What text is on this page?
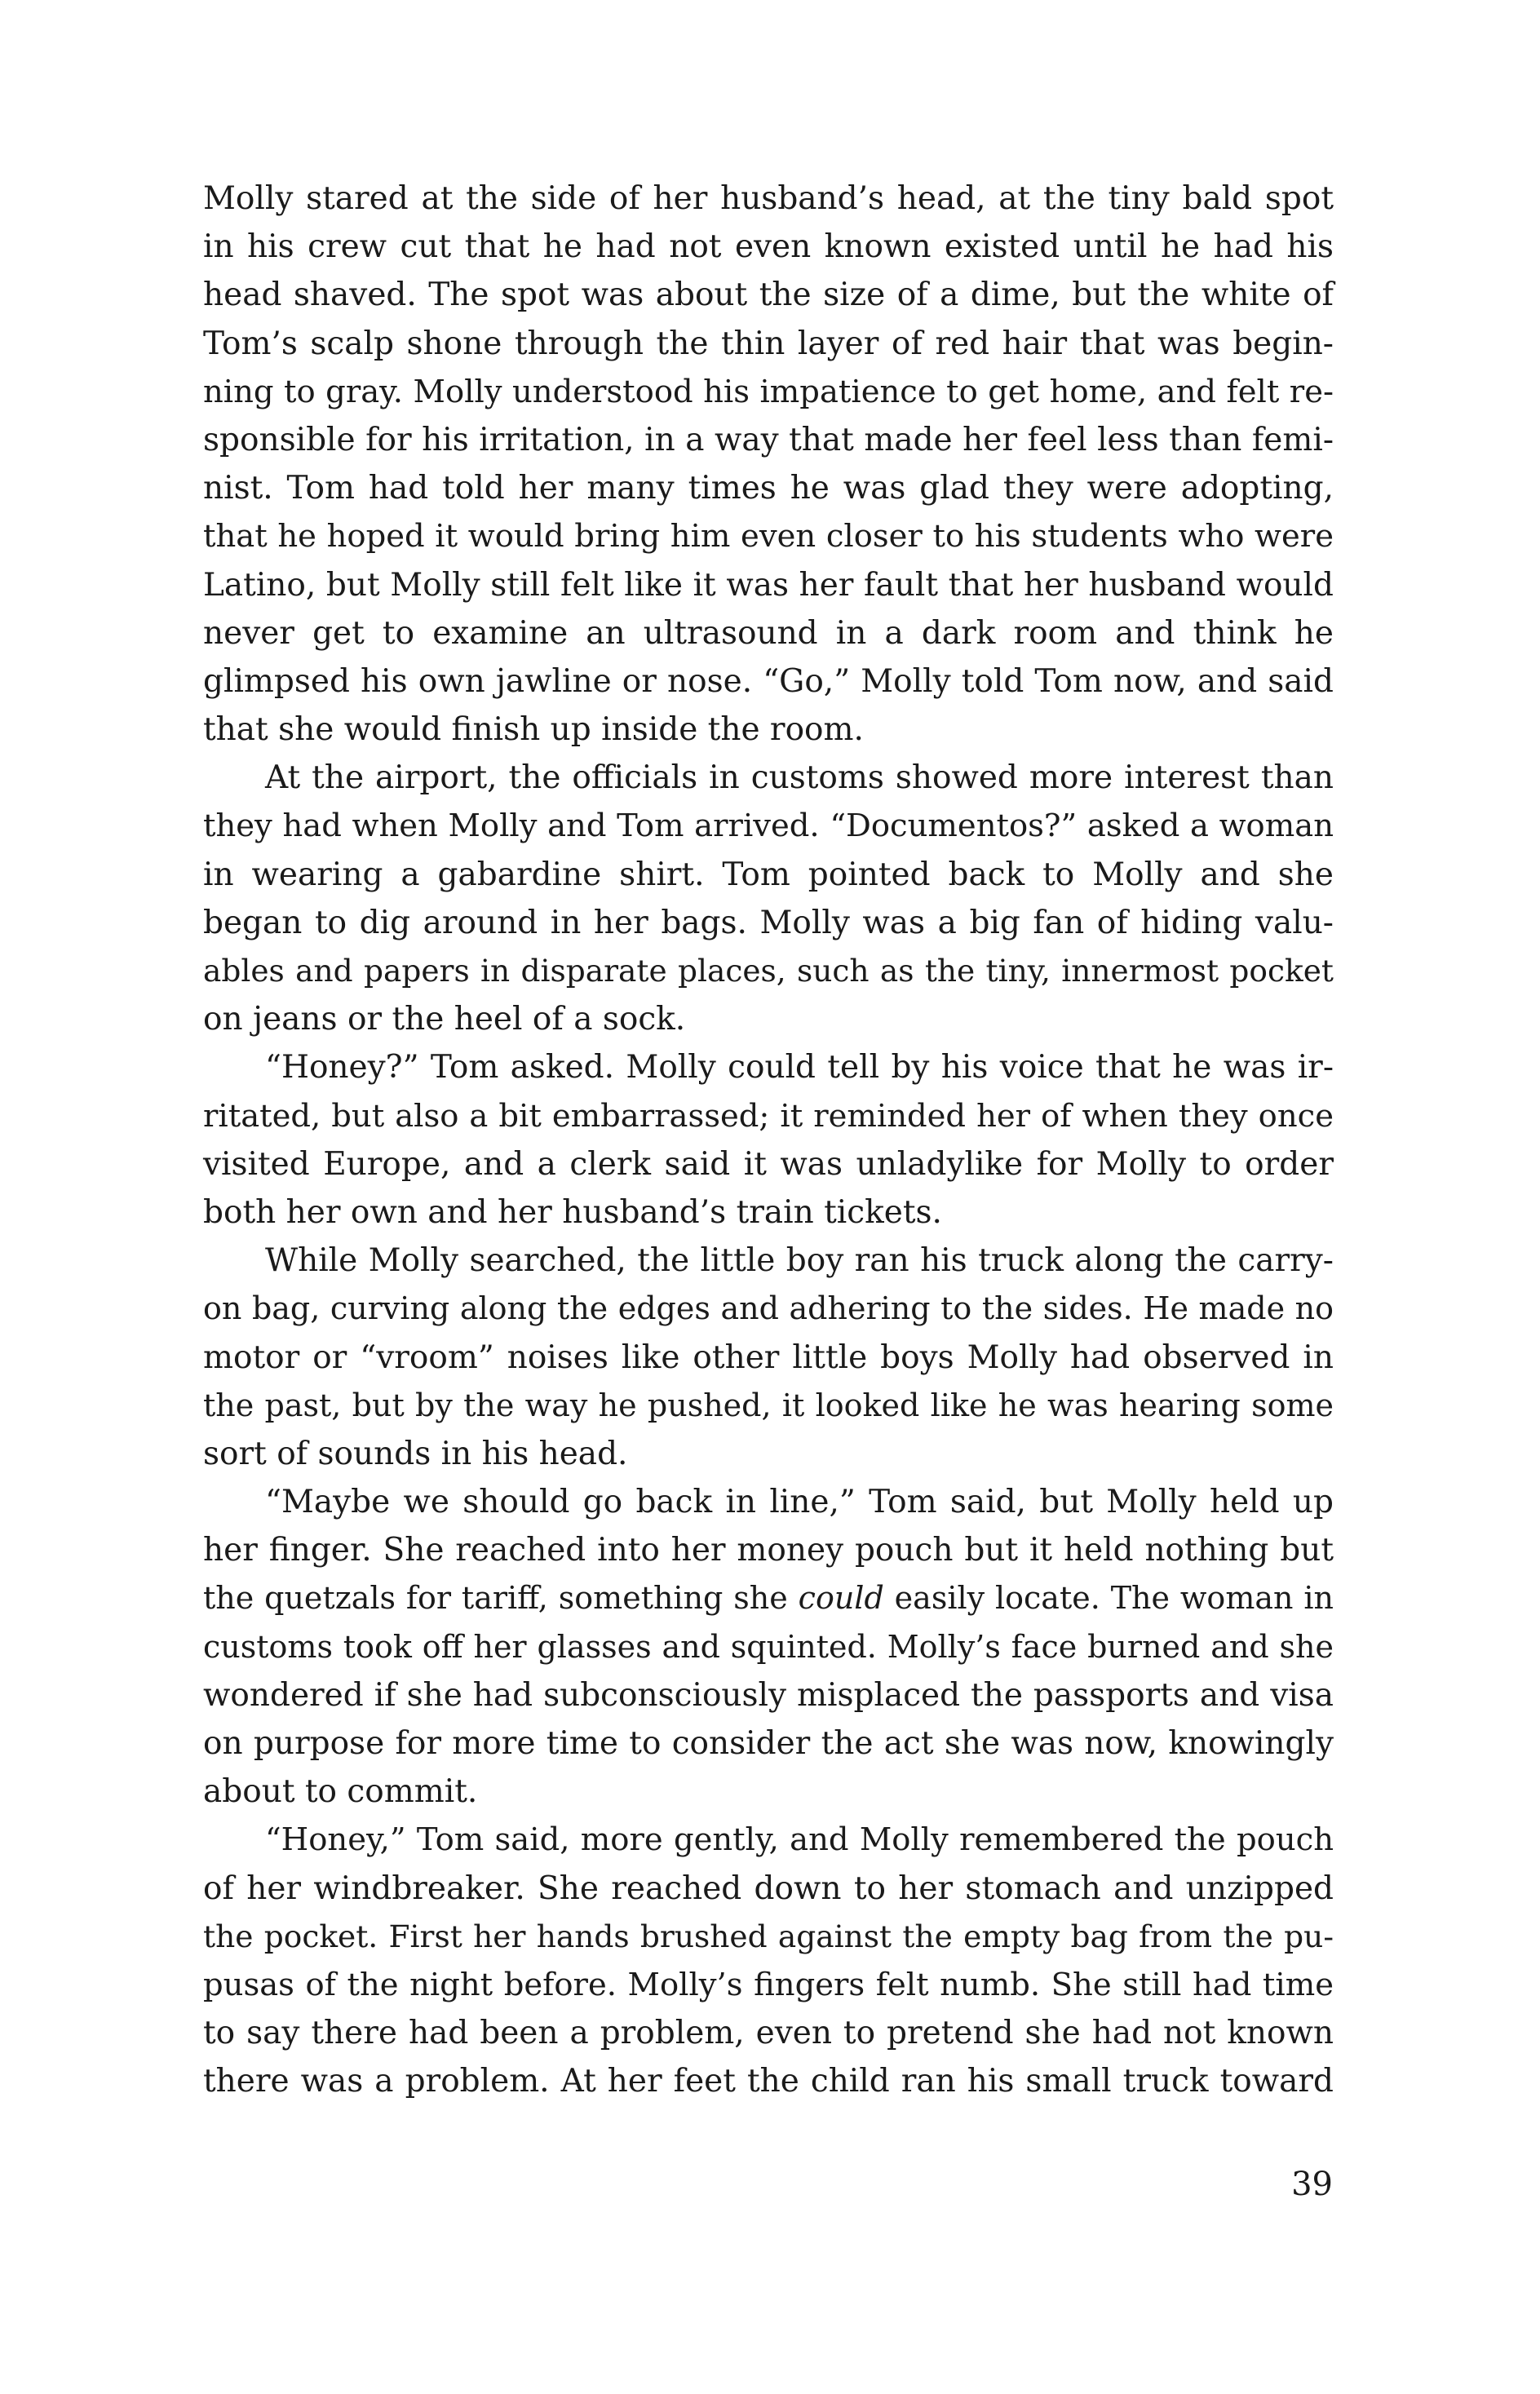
Molly stared at the side of her husband’s head, at the tiny bald spot
in his crew cut that he had not even known existed until he had his
head shaved. The spot was about the size of a dime, but the white of
Tom’s scalp shone through the thin layer of red hair that was begin-
ning to gray. Molly understood his impatience to get home, and felt re-
sponsible for his irritation, in a way that made her feel less than femi-
nist. Tom had told her many times he was glad they were adopting,
that he hoped it would bring him even closer to his students who were
Latino, but Molly still felt like it was her fault that her husband would
never get to examine an ultrasound in a dark room and think he
glimpsed his own jawline or nose. “Go,” Molly told Tom now, and said
that she would finish up inside the room.
At the airport, the officials in customs showed more interest than
they had when Molly and Tom arrived. “Documentos?” asked a woman
in wearing a gabardine shirt. Tom pointed back to Molly and she
began to dig around in her bags. Molly was a big fan of hiding valu-
ables and papers in disparate places, such as the tiny, innermost pocket
on jeans or the heel of a sock.
“Honey?” Tom asked. Molly could tell by his voice that he was ir-
ritated, but also a bit embarrassed; it reminded her of when they once
visited Europe, and a clerk said it was unladylike for Molly to order
both her own and her husband’s train tickets.
While Molly searched, the little boy ran his truck along the carry-
on bag, curving along the edges and adhering to the sides. He made no
motor or “vroom” noises like other little boys Molly had observed in
the past, but by the way he pushed, it looked like he was hearing some
sort of sounds in his head.
“Maybe we should go back in line,” Tom said, but Molly held up
her finger. She reached into her money pouch but it held nothing but
the quetzals for tariff, something she could easily locate. The woman in
customs took off her glasses and squinted. Molly’s face burned and she
wondered if she had subconsciously misplaced the passports and visa
on purpose for more time to consider the act she was now, knowingly
about to commit.
“Honey,” Tom said, more gently, and Molly remembered the pouch
of her windbreaker. She reached down to her stomach and unzipped
the pocket. First her hands brushed against the empty bag from the pu-
pusas of the night before. Molly’s fingers felt numb. She still had time
to say there had been a problem, even to pretend she had not known
there was a problem. At her feet the child ran his small truck toward
39
